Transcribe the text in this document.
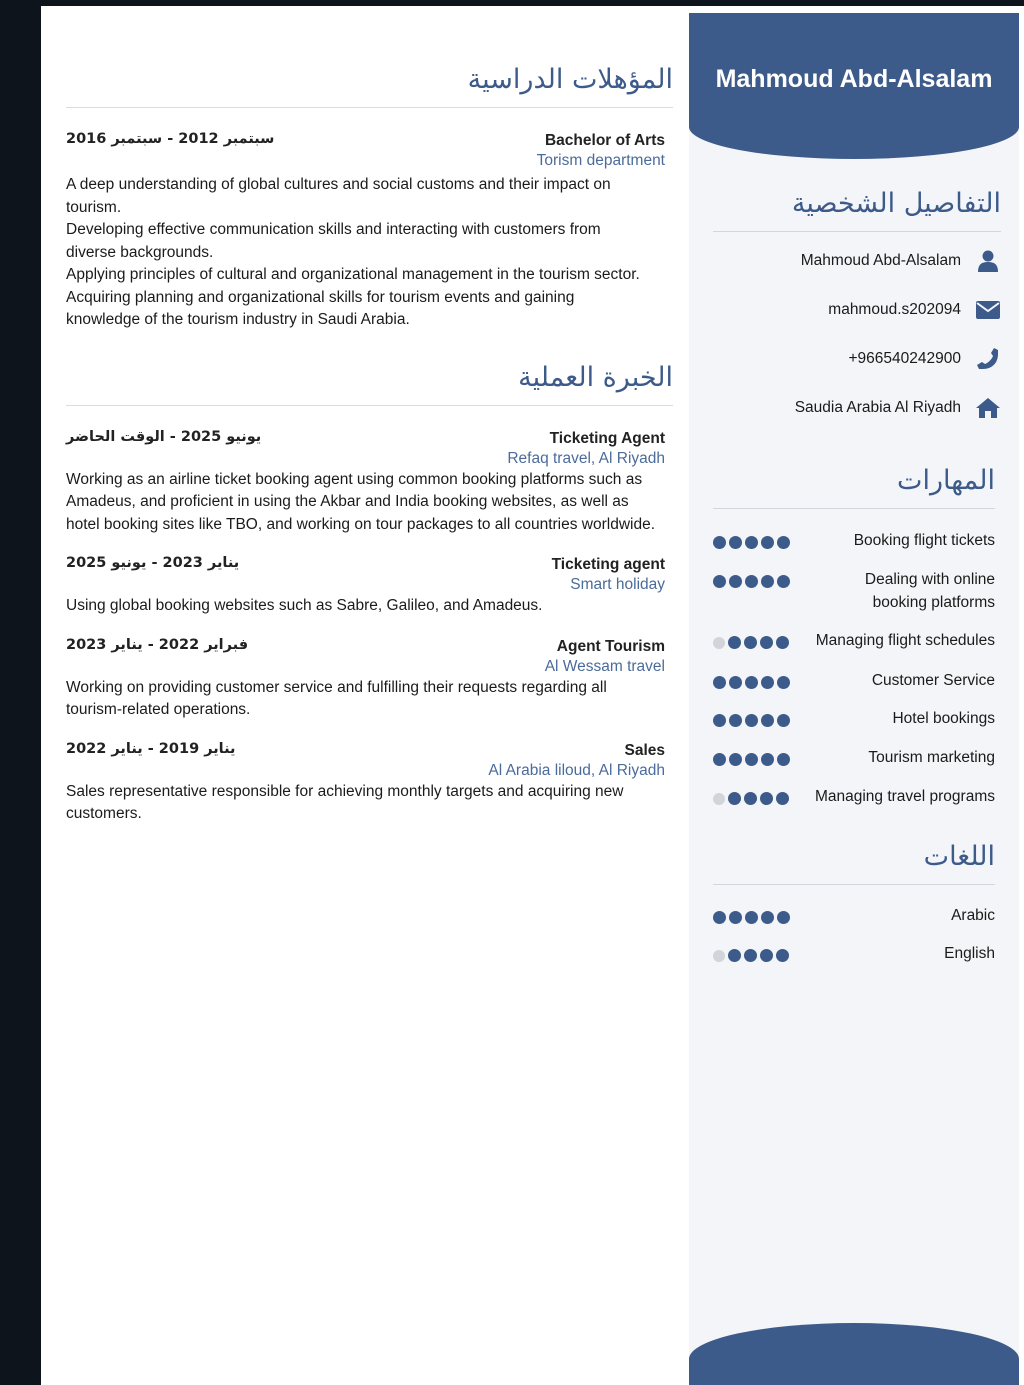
المؤهلات الدراسية
سبتمبر 2012 - سبتمبر 2016	Bachelor of Arts
Torism department

A deep understanding of global cultures and social customs and their impact on tourism.

Developing effective communication skills and interacting with customers from diverse backgrounds.

Applying principles of cultural and organizational management in the tourism sector.

Acquiring planning and organizational skills for tourism events and gaining knowledge of the tourism industry in Saudi Arabia.

الخبرة العملية
يونيو 2025 - الوقت الحاضر	Ticketing Agent
Refaq travel, Al Riyadh

Working as an airline ticket booking agent using common booking platforms such as Amadeus, and proficient in using the Akbar and India booking websites, as well as hotel booking sites like TBO, and working on tour packages to all countries worldwide.

يناير 2023 - يونيو 2025	Ticketing agent
Smart holiday

Using global booking websites such as Sabre, Galileo, and Amadeus.

فبراير 2022 - يناير 2023	Agent Tourism
Al Wessam travel

Working on providing customer service and fulfilling their requests regarding all tourism-related operations.

يناير 2019 - يناير 2022	Sales
Al Arabia liloud, Al Riyadh

Sales representative responsible for achieving monthly targets and acquiring new customers.

Mahmoud Abd-Alsalam
التفاصيل الشخصية
Mahmoud Abd-Alsalam
mahmoud.s202094
+966540242900
Saudia Arabia Al Riyadh
المهارات
Booking flight tickets
Dealing with online booking platforms
Managing flight schedules
Customer Service
Hotel bookings
Tourism marketing
Managing travel programs
اللغات
Arabic
English
